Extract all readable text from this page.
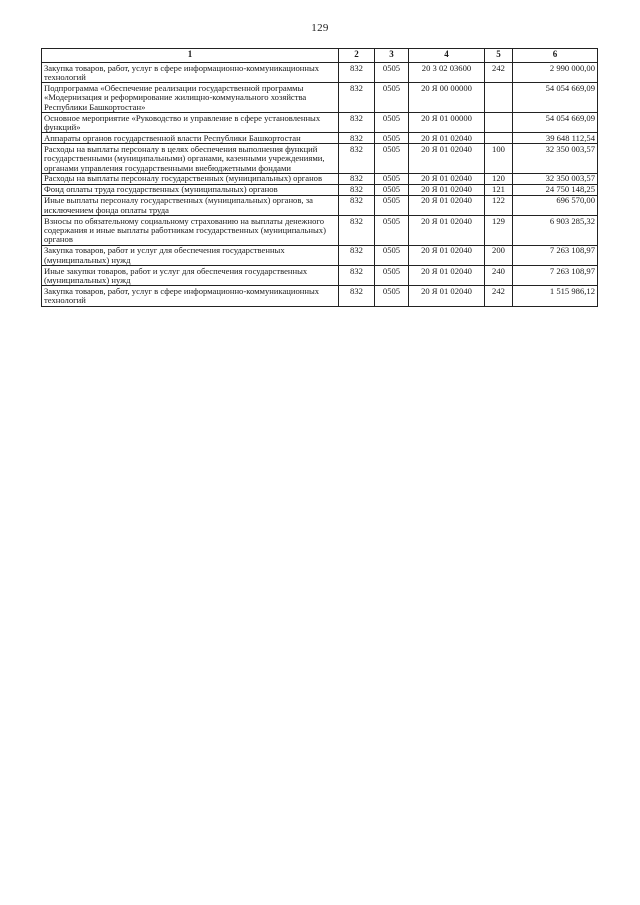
129
1	2	3	4	5	6
Закупка товаров, работ, услуг в сфере информационно-коммуникационных технологий	832	0505	20 3 02 03600	242	2 990 000,00
Подпрограмма «Обеспечение реализации государственной программы «Модернизация и реформирование жилищно-коммунального хозяйства Республики Башкортостан»	832	0505	20 Я 00 00000		54 054 669,09
Основное мероприятие «Руководство и управление в сфере установленных функций»	832	0505	20 Я 01 00000		54 054 669,09
Аппараты органов государственной власти Республики Башкортостан	832	0505	20 Я 01 02040		39 648 112,54
Расходы на выплаты персоналу в целях обеспечения выполнения функций государственными (муниципальными) органами, казенными учреждениями, органами управления государственными внебюджетными фондами	832	0505	20 Я 01 02040	100	32 350 003,57
Расходы на выплаты персоналу государственных (муниципальных) органов	832	0505	20 Я 01 02040	120	32 350 003,57
Фонд оплаты труда государственных (муниципальных) органов	832	0505	20 Я 01 02040	121	24 750 148,25
Иные выплаты персоналу государственных (муниципальных) органов, за исключением фонда оплаты труда	832	0505	20 Я 01 02040	122	696 570,00
Взносы по обязательному социальному страхованию на выплаты денежного содержания и иные выплаты работникам государственных (муниципальных) органов	832	0505	20 Я 01 02040	129	6 903 285,32
Закупка товаров, работ и услуг для обеспечения государственных (муниципальных) нужд	832	0505	20 Я 01 02040	200	7 263 108,97
Иные закупки товаров, работ и услуг для обеспечения государственных (муниципальных) нужд	832	0505	20 Я 01 02040	240	7 263 108,97
Закупка товаров, работ, услуг в сфере информационно-коммуникационных технологий	832	0505	20 Я 01 02040	242	1 515 986,12
